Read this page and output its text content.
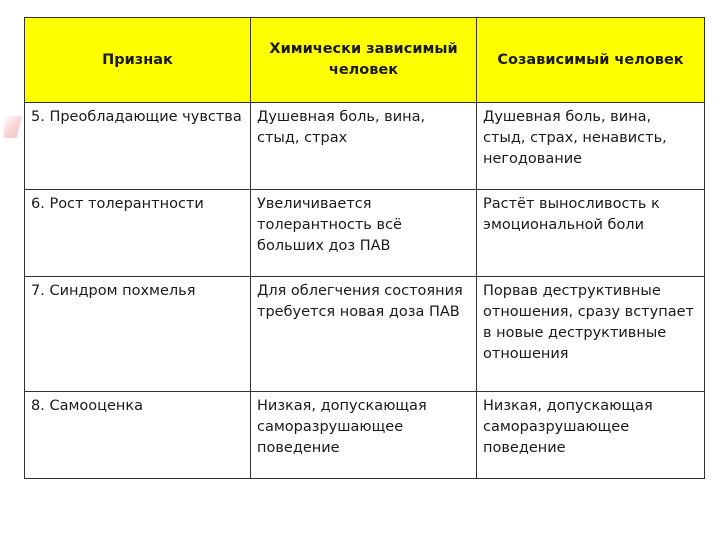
Признак	Химически зависимый человек	Созависимый человек
5. Преобладающие чувства	Душевная боль, вина, стыд, страх	Душевная боль, вина, стыд, страх, ненависть, негодование
6. Рост толерантности	Увеличивается толерантность всё больших доз ПАВ	Растёт выносливость к эмоциональной боли
7. Синдром похмелья	Для облегчения состояния требуется новая доза ПАВ	Порвав деструктивные отношения, сразу вступает в новые деструктивные отношения
8. Самооценка	Низкая, допускающая саморазрушающее поведение	Низкая, допускающая саморазрушающее поведение
